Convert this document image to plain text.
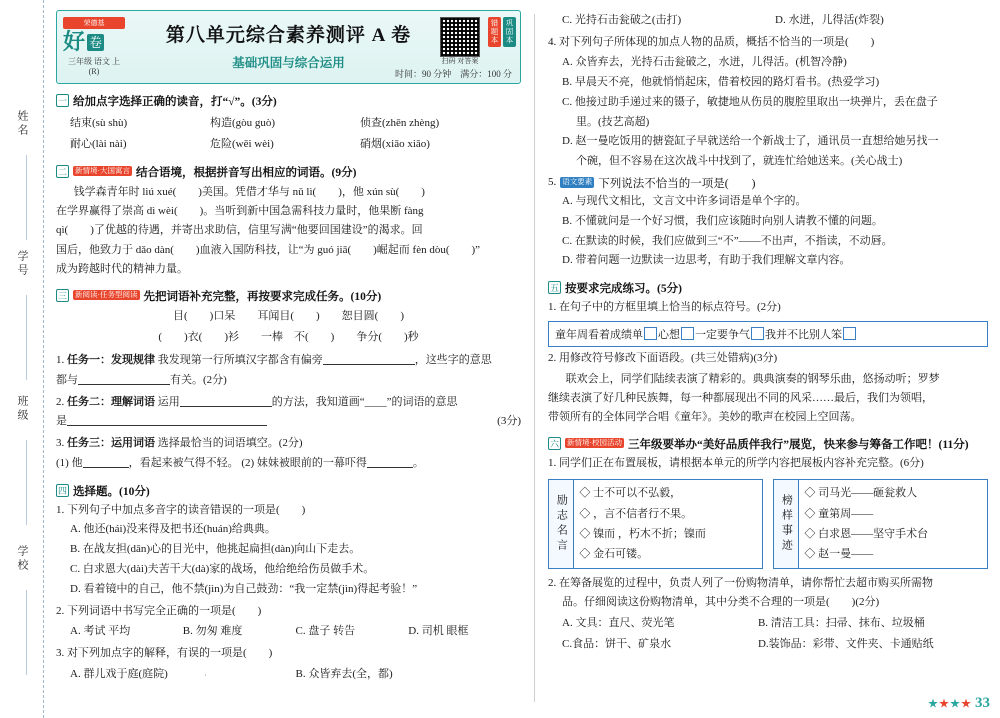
姓名
学号
班级
学校
荣德基
好 卷
三年级 语文 上(R)
第八单元综合素养测评 A 卷
基础巩固与综合运用	扫码 对答案
错题本 巩固本
时间：90 分钟　满分：100 分
一 给加点字选择正确的读音，打“√”。(3分)
结束(sù shù)	构造(gòu guò)	侦查(zhēn zhèng)
耐心(lài nài)	危险(wēi wèi)	硝烟(xiāo xiāo)
二 新情境·大国寓言 结合语境，根据拼音写出相应的词语。(9分)
钱学森青年时 liú xué(　　)美国。凭借才华与 nǔ lì(　　)，他 xún sù(　　)
在学界赢得了崇高 dì wèi(　　)。当听到新中国急需科技力量时，他果断 fàng
qì(　　)了优越的待遇，并寄出求助信，信里写满“他要回国建设”的渴求。回
国后，他致力于 dǎo dàn(　　)血液入国防科技，让“为 guó jiā(　　)崛起而 fèn dòu(　　)”
成为跨越时代的精神力量。
三 新阅读·任务型阅读 先把词语补充完整，再按要求完成任务。(10分)
目(　　)口呆　　耳闻目(　　)　　恕目圆(　　)
(　　)衣(　　)衫　　一棒　不(　　)　　争分(　　)秒
1. 任务一：发现规律 我发现第一行所填汉字都含有偏旁	，这些字的意思
都与	有关。(2分)
2. 任务二：理解词语 运用	的方法，我知道画“____”的词语的意思
是	(3分)
3. 任务三：运用词语 选择最恰当的词语填空。(2分)
(1) 他	，看起来被气得不轻。 (2) 妹妹被眼前的一幕吓得	。
四 选择题。(10分)
1. 下列句子中加点多音字的读音错误的一项是(　　)
A. 他还(hái)没来得及把书还(huán)给典典。
B. 在战友担(dān)心的目光中，他挑起扁担(dàn)向山下走去。
C. 白求恩大(dài)夫苦干大(dà)家的战场，他给绝给伤员做手术。
D. 看着镜中的自己，他不禁(jìn)为自己鼓劲：“我一定禁(jìn)得起考验！”
2. 下列词语中书写完全正确的一项是(　　)
A. 考试 平均	B. 勿匆 难度	C. 盘子 转告	D. 司机 眼框
3. 对下列加点字的解释，有误的一项是(　　)
A. 群儿戏于庭(庭院)	B. 众皆弃去(全，都)
·
C. 光持石击瓮破之(击打)	D. 水迸，儿得活(炸裂)
4. 对下列句子所体现的加点人物的品质，概括不恰当的一项是(　　)
A. 众皆弃去，光持石击瓮破之，水迸，儿得活。(机智冷静)
B. 早晨天不亮，他就悄悄起床，借着校园的路灯看书。(热爱学习)
C. 他接过助手递过来的镊子，敏捷地从伤员的腹腔里取出一块弹片，丢在盘子
里。(技艺高超)
D. 赵一曼吃饭用的搪瓷缸子早就送给一个新战士了，通讯员一直想给她另找一
个碗，但不容易在这次战斗中找到了，就连忙给她送来。(关心战士)
5. 语文要素 下列说法不恰当的一项是(　　)
A. 与现代文相比，文言文中许多词语是单个字的。
B. 不懂就问是一个好习惯，我们应该随时向别人请教不懂的问题。
C. 在默读的时候，我们应做到三“不”——不出声，不指读，不动唇。
D. 带着问题一边默读一边思考，有助于我们理解文章内容。
五 按要求完成练习。(5分)
1. 在句子中的方框里填上恰当的标点符号。(2分)
童年周看着成绩单 心想 一定要争气 我并不比别人笨
2. 用修改符号修改下面语段。(共三处错病)(3分)
联欢会上，同学们陆续表演了精彩的。典典演奏的钢琴乐曲，悠扬动听；罗梦
继续表演了好几种民族舞，每一种都展现出不同的风采……最后，我们为领唱，
带领所有的全体同学合唱《童年》。美妙的歌声在校园上空回荡。
六 新情境·校园活动 三年级要举办“美好品质伴我行”展览，快来参与筹备工作吧！(11分)
1. 同学们正在布置展板，请根据本单元的所学内容把展板内容补充完整。(6分)
励志名言
◇ 士不可以不弘毅，
◇ ，言不信者行不果。
◇ 镍而 ，朽木不折；镍而
◇ 金石可镂。
榜样事迹
◇ 司马光——砸瓮救人
◇ 童第周——
◇ 白求恩——坚守手术台
◇ 赵一曼——
2. 在筹备展览的过程中，负责人列了一份购物清单，请你帮忙去超市购买所需物
品。仔细阅读这份购物清单，其中分类不合理的一项是(　　)(2分)
A. 文具：直尺、荧光笔	B. 清洁工具：扫帚、抹布、垃圾桶
C.食品：饼干、矿泉水	D.装饰品：彩带、文件夹、卡通贴纸
33
